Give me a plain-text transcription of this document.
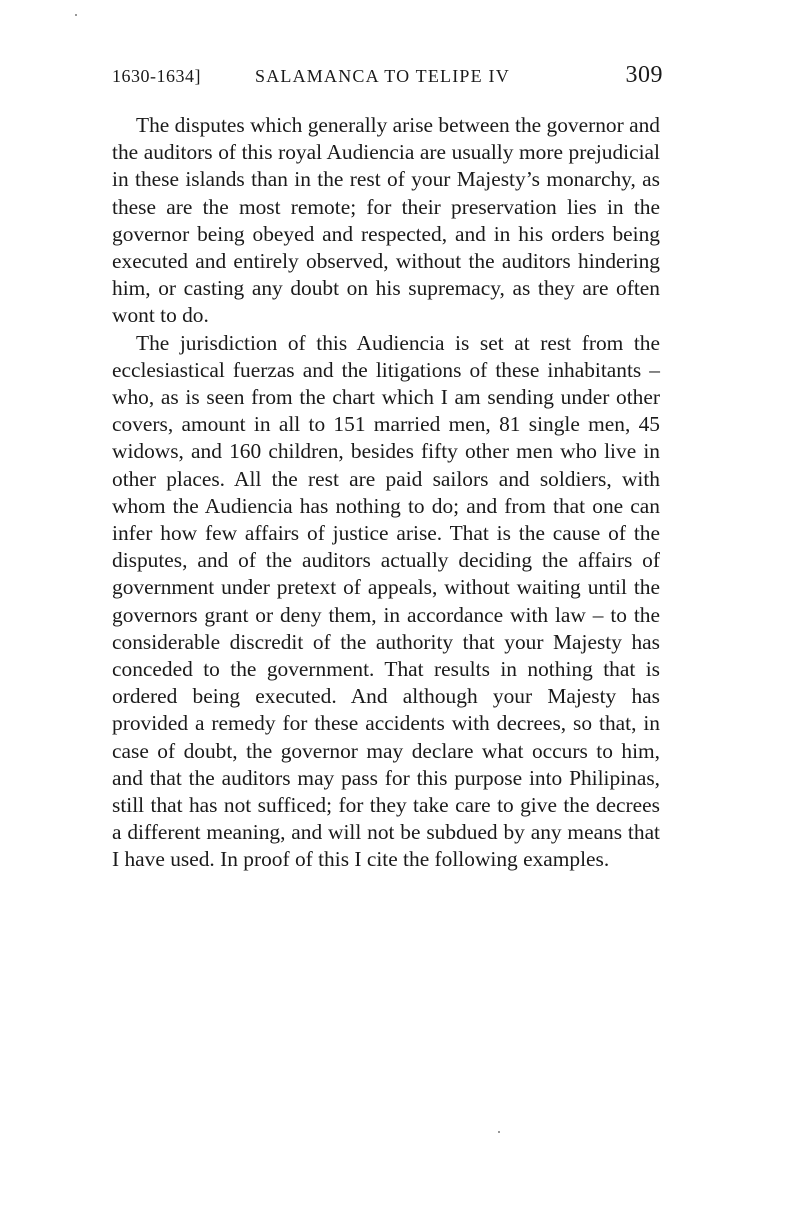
1630-1634]	SALAMANCA TO TELIPE IV	309

The disputes which generally arise between the governor and the auditors of this royal Audiencia are usually more prejudicial in these islands than in the rest of your Majesty’s monarchy, as these are the most remote; for their preservation lies in the governor being obeyed and respected, and in his orders being executed and entirely observed, without the auditors hindering him, or casting any doubt on his supremacy, as they are often wont to do.

The jurisdiction of this Audiencia is set at rest from the ecclesiastical fuerzas and the litigations of these inhabitants – who, as is seen from the chart which I am sending under other covers, amount in all to 151 married men, 81 single men, 45 widows, and 160 children, besides fifty other men who live in other places. All the rest are paid sailors and soldiers, with whom the Audiencia has nothing to do; and from that one can infer how few affairs of justice arise. That is the cause of the disputes, and of the auditors actually deciding the affairs of government under pretext of appeals, without waiting until the governors grant or deny them, in accordance with law – to the considerable discredit of the authority that your Majesty has conceded to the government. That results in nothing that is ordered being executed. And although your Majesty has provided a remedy for these accidents with decrees, so that, in case of doubt, the governor may declare what occurs to him, and that the auditors may pass for this purpose into Philipinas, still that has not sufficed; for they take care to give the decrees a different meaning, and will not be subdued by any means that I have used. In proof of this I cite the following examples.
